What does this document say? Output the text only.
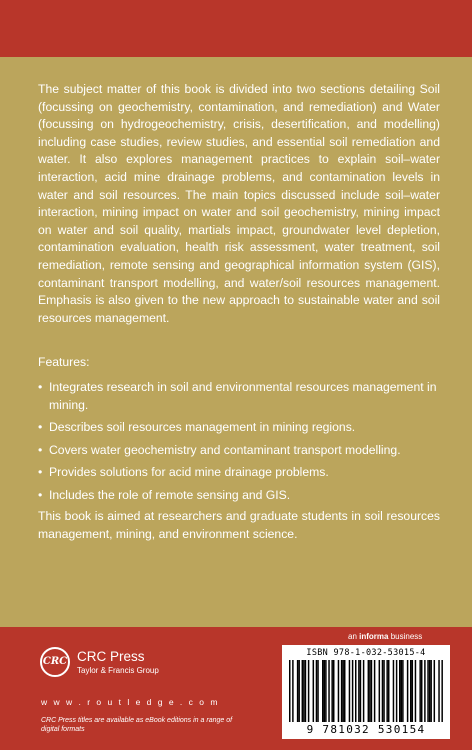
The subject matter of this book is divided into two sections detailing Soil (focussing on geochemistry, contamination, and remediation) and Water (focussing on hydrogeochemistry, crisis, desertification, and modelling) including case studies, review studies, and essential soil remediation and water. It also explores management practices to explain soil–water interaction, acid mine drainage problems, and contamination levels in water and soil resources. The main topics discussed include soil–water interaction, mining impact on water and soil geochemistry, mining impact on water and soil quality, martials impact, groundwater level depletion, contamination evaluation, health risk assessment, water treatment, soil remediation, remote sensing and geographical information system (GIS), contaminant transport modelling, and water/soil resources management. Emphasis is also given to the new approach to sustainable water and soil resources management.

Features:

• Integrates research in soil and environmental resources management in mining.
• Describes soil resources management in mining regions.
• Covers water geochemistry and contaminant transport modelling.
• Provides solutions for acid mine drainage problems.
• Includes the role of remote sensing and GIS.

This book is aimed at researchers and graduate students in soil resources management, mining, and environment science.

CRC CRC Press
Taylor & Francis Group
w w w . r o u t l e d g e . c o m

CRC Press titles are available as eBook editions in a range of digital formats

an informa business
ISBN 978-1-032-53015-4
9 781032 530154
